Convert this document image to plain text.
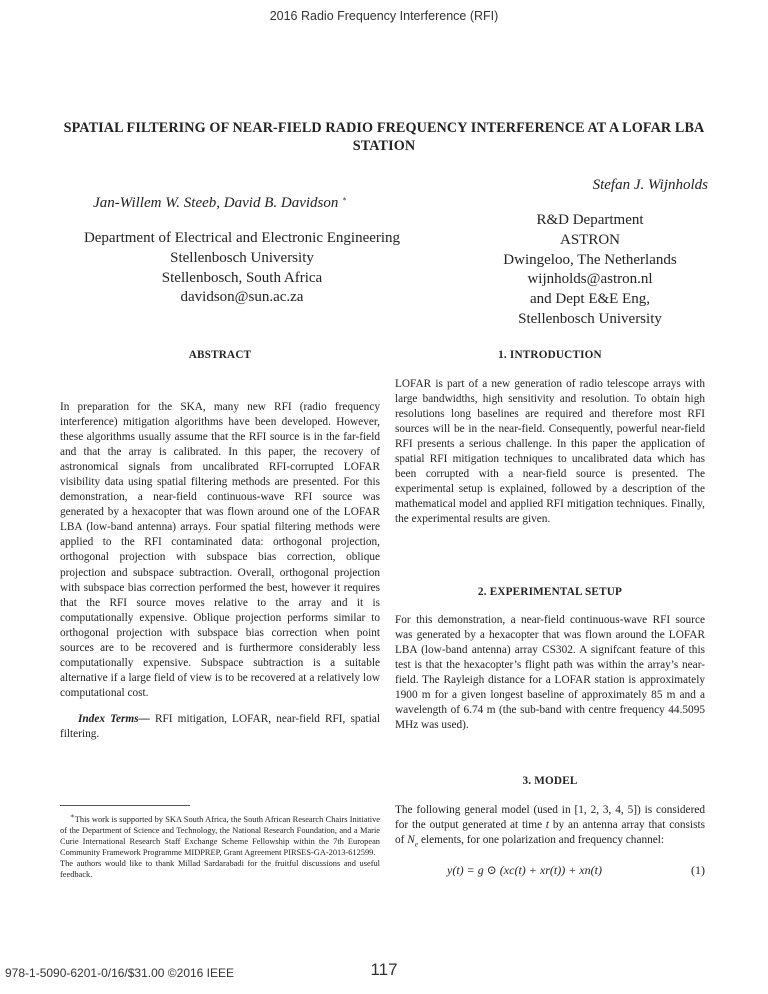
2016 Radio Frequency Interference (RFI)
SPATIAL FILTERING OF NEAR-FIELD RADIO FREQUENCY INTERFERENCE AT A LOFAR LBA STATION
Jan-Willem W. Steeb, David B. Davidson ∗
Department of Electrical and Electronic Engineering
Stellenbosch University
Stellenbosch, South Africa
davidson@sun.ac.za
Stefan J. Wijnholds
R&D Department
ASTRON
Dwingeloo, The Netherlands
wijnholds@astron.nl
and Dept E&E Eng,
Stellenbosch University
ABSTRACT

In preparation for the SKA, many new RFI (radio frequency interference) mitigation algorithms have been developed. However, these algorithms usually assume that the RFI source is in the far-field and that the array is calibrated. In this paper, the recovery of astronomical signals from uncalibrated RFI-corrupted LOFAR visibility data using spatial filtering methods are presented. For this demonstration, a near-field continuous-wave RFI source was generated by a hexacopter that was flown around one of the LOFAR LBA (low-band antenna) arrays. Four spatial filtering methods were applied to the RFI contaminated data: orthogonal projection, orthogonal projection with subspace bias correction, oblique projection and subspace subtraction. Overall, orthogonal projection with subspace bias correction performed the best, however it requires that the RFI source moves relative to the array and it is computationally expensive. Oblique projection performs similar to orthogonal projection with subspace bias correction when point sources are to be recovered and is furthermore considerably less computationally expensive. Subspace subtraction is a suitable alternative if a large field of view is to be recovered at a relatively low computational cost.

Index Terms— RFI mitigation, LOFAR, near-field RFI, spatial filtering.

∗This work is supported by SKA South Africa, the South African Research Chairs Initiative of the Department of Science and Technology, the National Research Foundation, and a Marie Curie International Research Staff Exchange Scheme Fellowship within the 7th European Community Framework Programme MIDPREP, Grant Agreement PIRSES-GA-2013-612599.

The authors would like to thank Millad Sardarabadi for the fruitful discussions and useful feedback.

1. INTRODUCTION
LOFAR is part of a new generation of radio telescope arrays with large bandwidths, high sensitivity and resolution. To obtain high resolutions long baselines are required and therefore most RFI sources will be in the near-field. Consequently, powerful near-field RFI presents a serious challenge. In this paper the application of spatial RFI mitigation techniques to uncalibrated data which has been corrupted with a near-field source is presented. The experimental setup is explained, followed by a description of the mathematical model and applied RFI mitigation techniques. Finally, the experimental results are given.
2. EXPERIMENTAL SETUP
For this demonstration, a near-field continuous-wave RFI source was generated by a hexacopter that was flown around the LOFAR LBA (low-band antenna) array CS302. A signifcant feature of this test is that the hexacopter’s flight path was within the array’s near-field. The Rayleigh distance for a LOFAR station is approximately 1900 m for a given longest baseline of approximately 85 m and a wavelength of 6.74 m (the sub-band with centre frequency 44.5095 MHz was used).
3. MODEL
The following general model (used in [1, 2, 3, 4, 5]) is considered for the output generated at time t by an antenna array that consists of $N_e$ elements, for one polarization and frequency channel:
y(t) = g ⊙ (xc(t) + xr(t)) + xn(t)	(1)
978-1-5090-6201-0/16/$31.00 ©2016 IEEE	117
